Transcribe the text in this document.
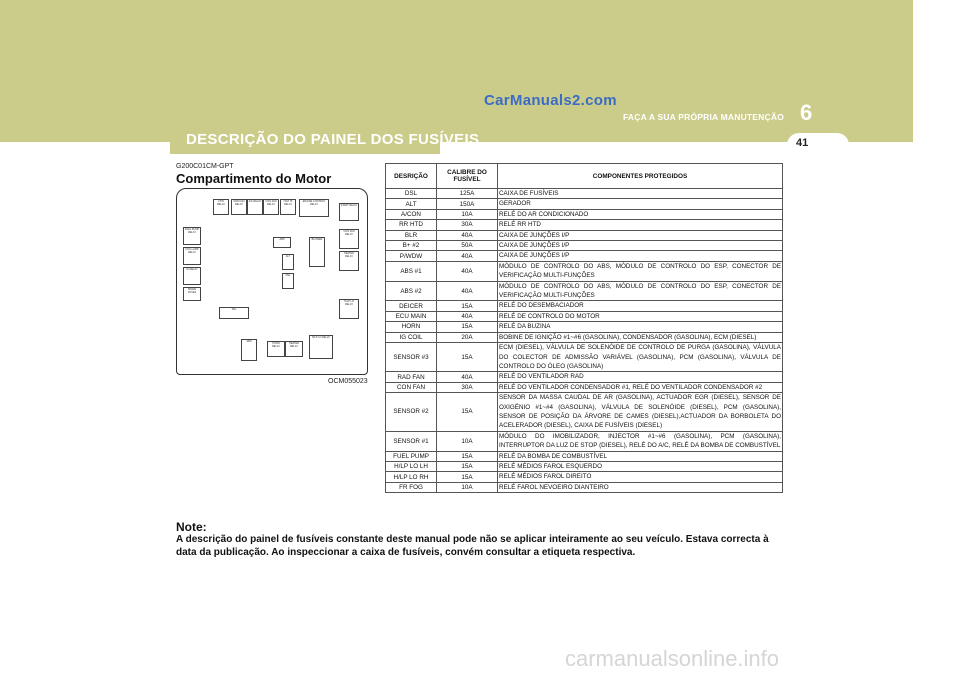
CarManuals2.com
FAÇA A SUA PRÓPRIA MANUTENÇÃO 6
41
DESCRIÇÃO DO PAINEL DOS FUSÍVEIS
G200C01CM-GPT
Compartimento do Motor
CTW RELAY
RAD FAN RELAY
A/C RELAY	CON FAN RELAY
H/LP HI RELAY
ENGINE CONTROL RELAY	START RELAY
FUEL PUMP RELAY
FOG LAMP RELAY
IG RELAY
SPARE FUSES
ABS
ALT
DSL
BLOWER
CON FAN RELAY
HEATER RELAY
H/LP LO RELAY
TAIL
ABS
HORN RELAY
HEATER RELAY
H/LP LO RELAY
OCM055023
DESRIÇÃO	CALIBRE DO FUSÍVEL	COMPONENTES PROTEGIDOS
DSL	125A	CAIXA DE FUSÍVEIS
ALT	150A	GERADOR
A/CON	10A	RELÉ DO AR CONDICIONADO
RR HTD	30A	RELÉ RR HTD
BLR	40A	CAIXA DE JUNÇÕES I/P
B+ #2	50A	CAIXA DE JUNÇÕES I/P
P/WDW	40A	CAIXA DE JUNÇÕES I/P
ABS #1	40A	MÓDULO DE CONTROLO DO ABS, MÓDULO DE CONTROLO DO ESP, CONECTOR DE VERIFICAÇÃO MULTI-FUNÇÕES
ABS #2	40A	MÓDULO DE CONTROLO DO ABS, MÓDULO DE CONTROLO DO ESP, CONECTOR DE VERIFICAÇÃO MULTI-FUNÇÕES
DEICER	15A	RELÉ DO DESEMBACIADOR
ECU MAIN	40A	RELÉ DE CONTROLO DO MOTOR
HORN	15A	RELÉ DA BUZINA
IG COIL	20A	BOBINE DE IGNIÇÃO #1~#6 (GASOLINA), CONDENSADOR (GASOLINA), ECM (DIESEL)
SENSOR #3	15A	ECM (DIESEL), VÁLVULA DE SOLENÓIDE DE CONTROLO DE PURGA (GASOLINA), VÁLVULA DO COLECTOR DE ADMISSÃO VARIÁVEL (GASOLINA), PCM (GASOLINA), VÁLVULA DE CONTROLO DO ÓLEO (GASOLINA)
RAD FAN	40A	RELÉ DO VENTILADOR RAD
CON FAN	30A	RELÉ DO VENTILADOR CONDENSADOR #1, RELÉ DO VENTILADOR CONDENSADOR #2
SENSOR #2	15A	SENSOR DA MASSA CAUDAL DE AR (GASOLINA), ACTUADOR EGR (DIESEL), SENSOR DE OXIGÉNIO #1~#4 (GASOLINA), VÁLVULA DE SOLENÓIDE (DIESEL), PCM (GASOLINA), SENSOR DE POSIÇÃO DA ÁRVORE DE CAMES (DIESEL),ACTUADOR DA BORBOLETA DO ACELERADOR (DIESEL), CAIXA DE FUSÍVEIS (DIESEL)
SENSOR #1	10A	MÓDULO DO IMOBILIZADOR, INJECTOR #1~#6 (GASOLINA), PCM (GASOLINA), INTERRUPTOR DA LUZ DE STOP (DIESEL), RELÉ DO A/C, RELÉ DA BOMBA DE COMBUSTÍVEL
FUEL PUMP	15A	RELÉ DA BOMBA DE COMBUSTÍVEL
H/LP LO LH	15A	RELÉ MÉDIOS FAROL ESQUERDO
H/LP LO RH	15A	RELÉ MÉDIOS FAROL DIREITO
FR FOG	10A	RELÉ FAROL NEVOEIRO DIANTEIRO
Note:
A descrição do painel de fusíveis constante deste manual pode não se aplicar inteiramente ao seu veículo. Estava correcta à data da publicação. Ao inspeccionar a caixa de fusíveis, convém consultar a etiqueta respectiva.
carmanualsonline.info
